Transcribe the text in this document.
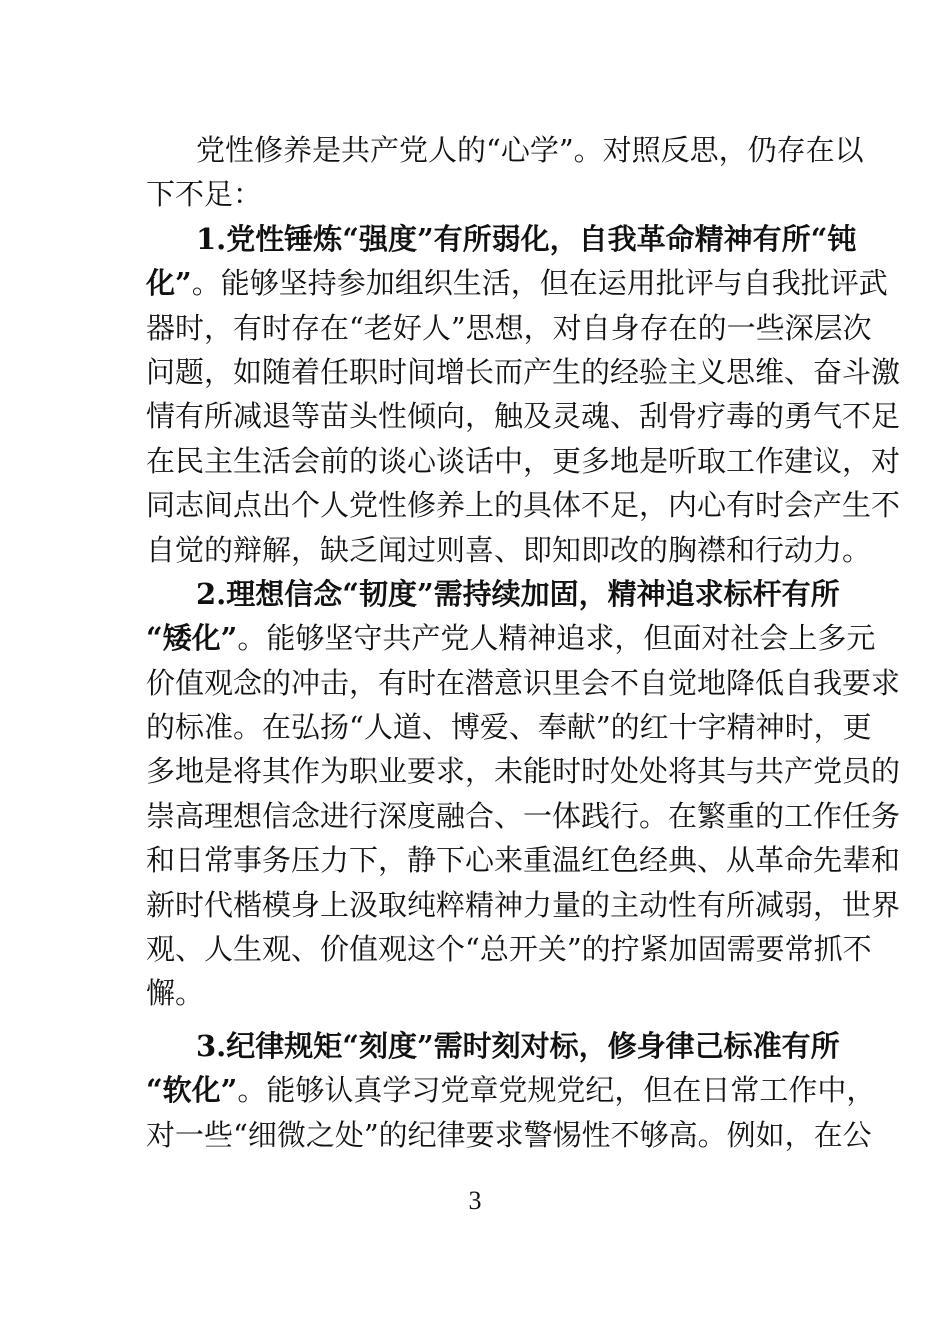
党性修养是共产党人的“心学”。对照反思，仍存在以
下不足：
1.党性锤炼“强度”有所弱化，自我革命精神有所“钝
化”。能够坚持参加组织生活，但在运用批评与自我批评武
器时，有时存在“老好人”思想，对自身存在的一些深层次
问题，如随着任职时间增长而产生的经验主义思维、奋斗激
情有所减退等苗头性倾向，触及灵魂、刮骨疗毒的勇气不足
在民主生活会前的谈心谈话中，更多地是听取工作建议，对
同志间点出个人党性修养上的具体不足，内心有时会产生不
自觉的辩解，缺乏闻过则喜、即知即改的胸襟和行动力。
2.理想信念“韧度”需持续加固，精神追求标杆有所
“矮化”。能够坚守共产党人精神追求，但面对社会上多元
价值观念的冲击，有时在潜意识里会不自觉地降低自我要求
的标准。在弘扬“人道、博爱、奉献”的红十字精神时，更
多地是将其作为职业要求，未能时时处处将其与共产党员的
崇高理想信念进行深度融合、一体践行。在繁重的工作任务
和日常事务压力下，静下心来重温红色经典、从革命先辈和
新时代楷模身上汲取纯粹精神力量的主动性有所减弱，世界
观、人生观、价值观这个“总开关”的拧紧加固需要常抓不
懈。
3.纪律规矩“刻度”需时刻对标，修身律己标准有所
“软化”。能够认真学习党章党规党纪，但在日常工作中，
对一些“细微之处”的纪律要求警惕性不够高。例如，在公
3
